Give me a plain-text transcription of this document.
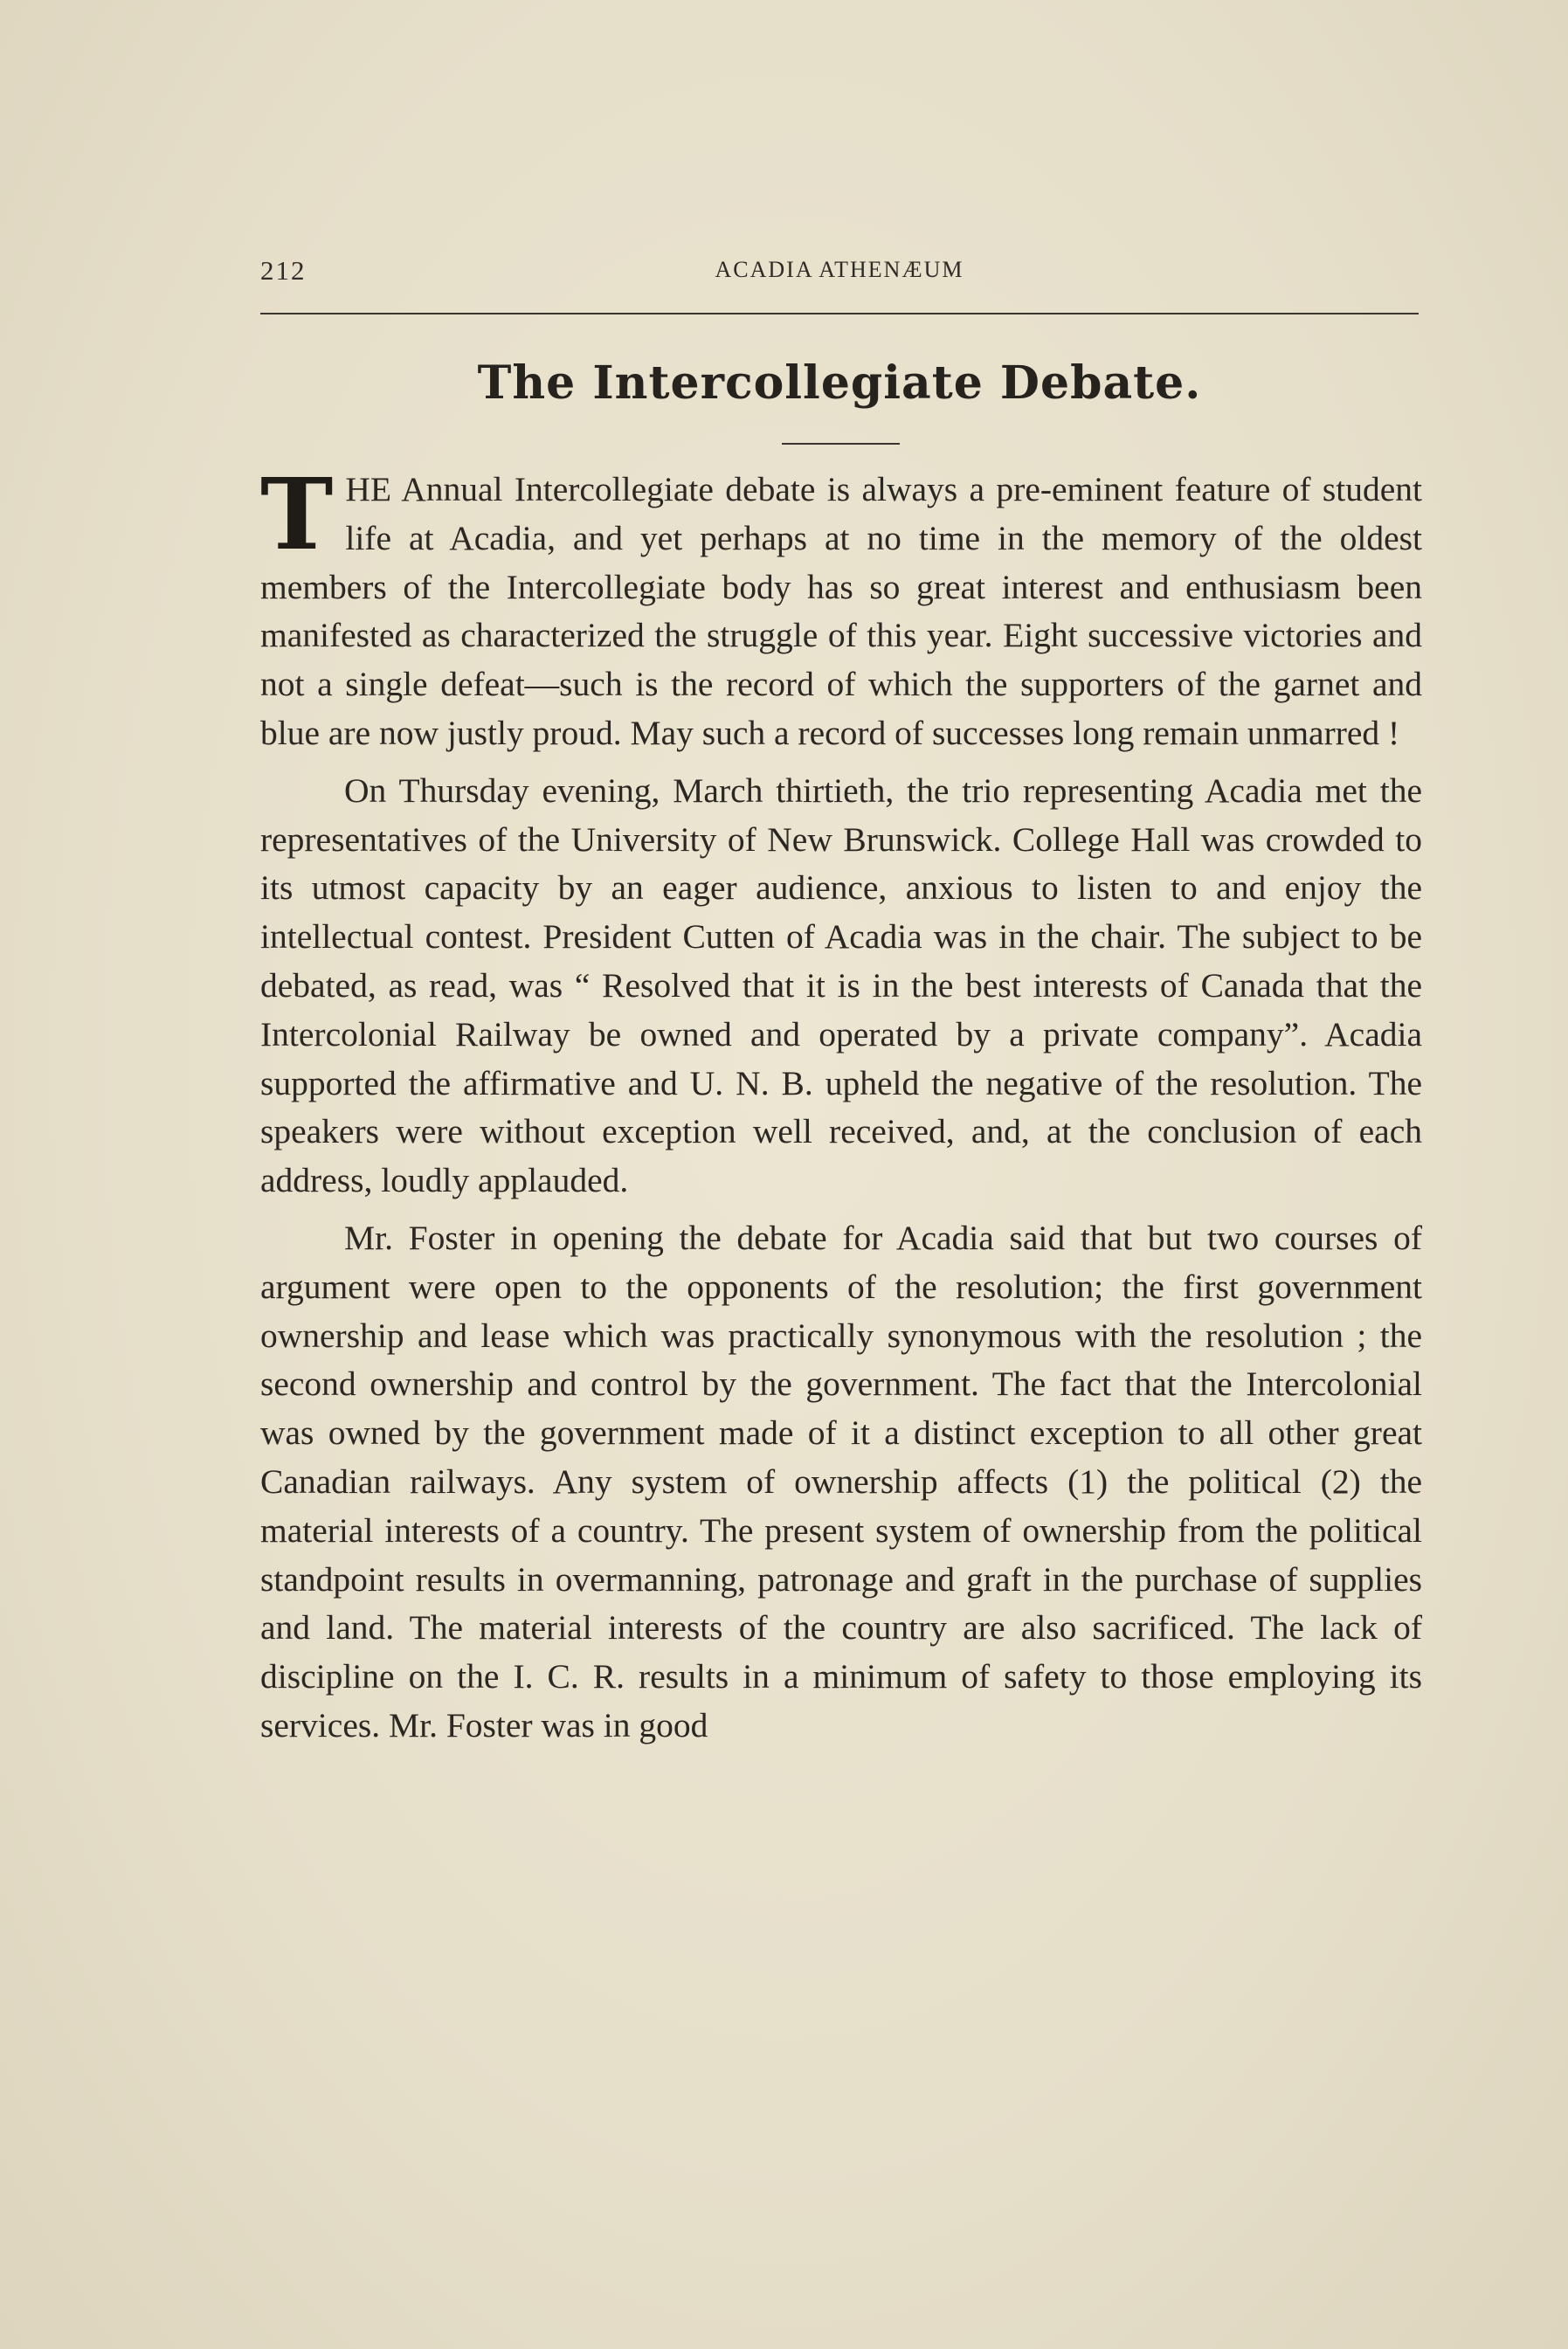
212	ACADIA ATHENÆUM
The Intercollegiate Debate.

T HE Annual Intercollegiate debate is always a pre-eminent feature of student life at Acadia, and yet perhaps at no time in the memory of the oldest members of the Intercollegiate body has so great interest and enthusiasm been manifested as characterized the struggle of this year. Eight successive victories and not a single defeat—such is the record of which the supporters of the garnet and blue are now justly proud. May such a record of successes long remain unmarred !

On Thursday evening, March thirtieth, the trio representing Acadia met the representatives of the University of New Brunswick. College Hall was crowded to its utmost capacity by an eager audience, anxious to listen to and enjoy the intellectual contest. President Cutten of Acadia was in the chair. The subject to be debated, as read, was “ Resolved that it is in the best interests of Canada that the Intercolonial Railway be owned and operated by a private company”. Acadia supported the affirmative and U. N. B. upheld the negative of the resolution. The speakers were without exception well received, and, at the conclusion of each address, loudly applauded.

Mr. Foster in opening the debate for Acadia said that but two courses of argument were open to the opponents of the resolution; the first government ownership and lease which was practically synonymous with the resolution ; the second ownership and control by the government. The fact that the Intercolonial was owned by the government made of it a distinct exception to all other great Canadian railways. Any system of ownership affects (1) the political (2) the material interests of a country. The present system of ownership from the political standpoint results in overmanning, patronage and graft in the purchase of supplies and land. The material interests of the country are also sacrificed. The lack of discipline on the I. C. R. results in a minimum of safety to those employing its services. Mr. Foster was in good
